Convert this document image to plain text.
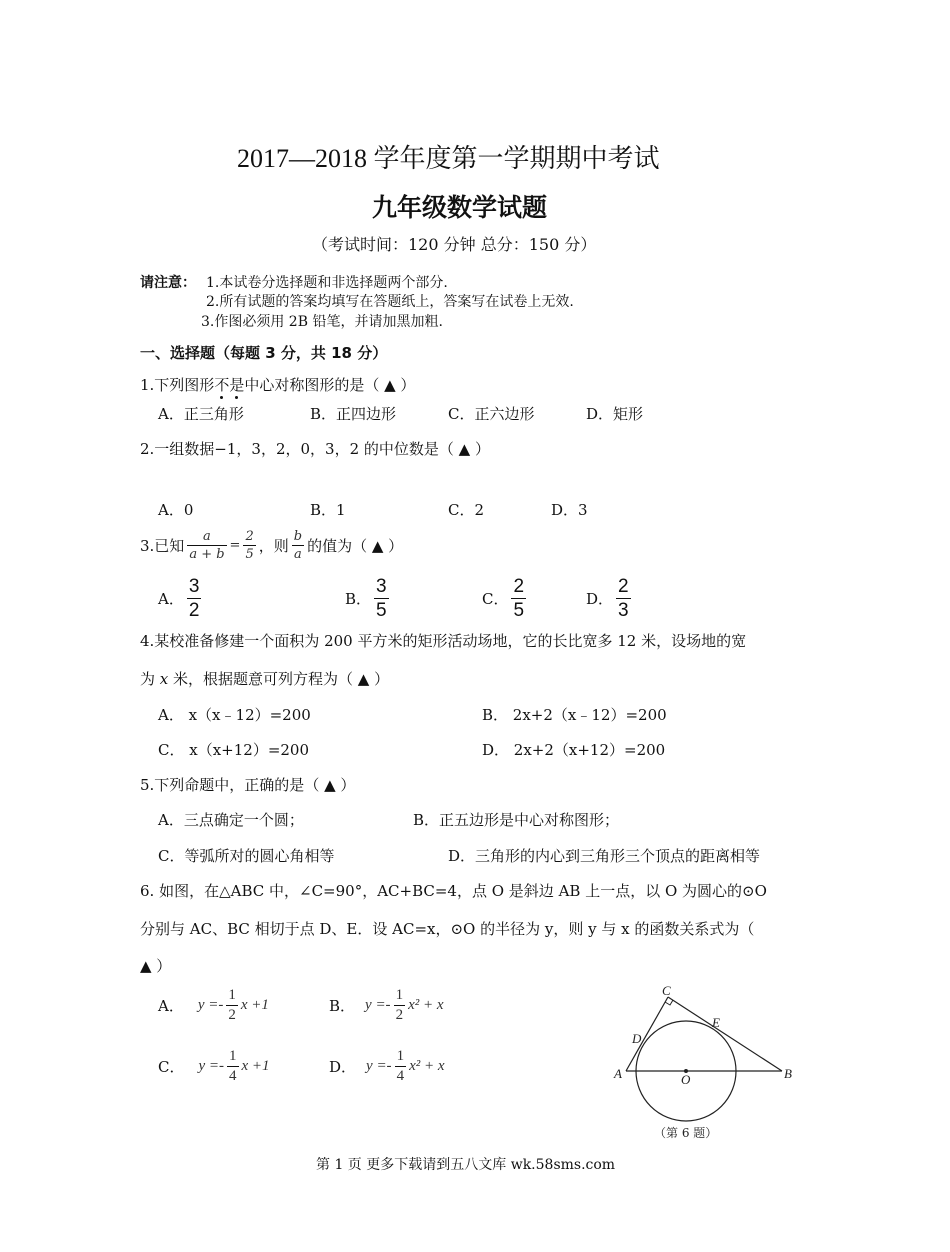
2017—2018 学年度第一学期期中考试
九年级数学试题
（考试时间：120 分钟 总分：150 分）
请注意： 1.本试卷分选择题和非选择题两个部分.
2.所有试题的答案均填写在答题纸上，答案写在试卷上无效.
3.作图必须用 2B 铅笔，并请加黑加粗.
一、选择题（每题 3 分，共 18 分）
1.下列图形不是中心对称图形的是（ ▲ ）
A．正三角形	B．正四边形	C．正六边形	D．矩形
2.一组数据−1，3，2，0，3，2 的中位数是（ ▲ ）
A．0	B．1	C．2	D．3
3.已知 $\frac{a}{a + b} = \frac{2}{5}$ ，则 $\frac{b}{a}$ 的值为（ ▲ ）
A． $\frac{3}{2}$	B． $\frac{3}{5}$	C． $\frac{2}{5}$	D． $\frac{2}{3}$
4.某校准备修建一个面积为 200 平方米的矩形活动场地，它的长比宽多 12 米，设场地的宽
为 x 米，根据题意可列方程为（ ▲ ）
A． x（x﹣12）=200	B． 2x+2（x﹣12）=200
C． x（x+12）=200	D． 2x+2（x+12）=200
5.下列命题中，正确的是（ ▲ ）
A．三点确定一个圆；	B．正五边形是中心对称图形；
C．等弧所对的圆心角相等	D．三角形的内心到三角形三个顶点的距离相等
6. 如图，在△ABC 中，∠C=90°，AC+BC=4，点 O 是斜边 AB 上一点，以 O 为圆心的⊙O
分别与 AC、BC 相切于点 D、E．设 AC=x，⊙O 的半径为 y，则 y 与 x 的函数关系式为（
▲ ）
A． $y =- \frac{1}{2}$ x +1	B． $y =- \frac{1}{2} x^2 + x$
C． $y =- \frac{1}{4}$ x +1	D． $y =- \frac{1}{4} x^2 + x$
C
E
D
A	O	B
（第 6 题）
第 1 页 更多下载请到五八文库 wk.58sms.com
